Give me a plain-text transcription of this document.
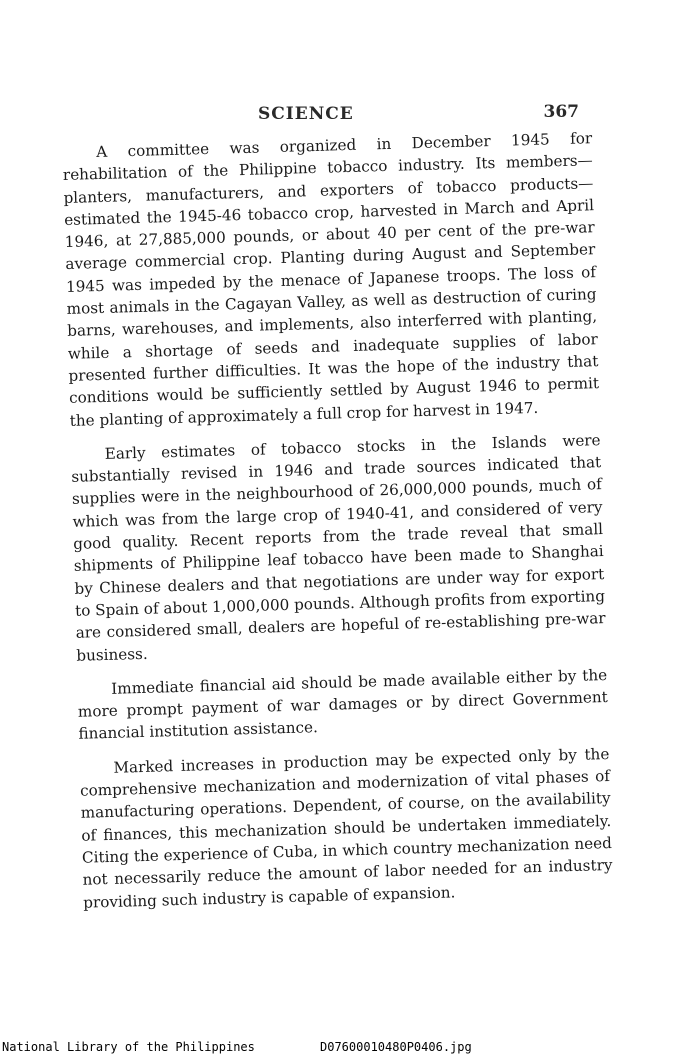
SCIENCE	367

A committee was organized in December 1945 for rehabilitation of the Philippine tobacco industry. Its members—planters, manufacturers, and exporters of tobacco products—estimated the 1945-46 tobacco crop, harvested in March and April 1946, at 27,885,000 pounds, or about 40 per cent of the pre-war average commercial crop. Planting during August and September 1945 was impeded by the menace of Japanese troops. The loss of most animals in the Cagayan Valley, as well as destruction of curing barns, warehouses, and implements, also interferred with planting, while a shortage of seeds and inadequate supplies of labor presented further difficulties. It was the hope of the industry that conditions would be sufficiently settled by August 1946 to permit the planting of approximately a full crop for harvest in 1947.

Early estimates of tobacco stocks in the Islands were substantially revised in 1946 and trade sources indicated that supplies were in the neighbourhood of 26,000,000 pounds, much of which was from the large crop of 1940-41, and considered of very good quality. Recent reports from the trade reveal that small shipments of Philippine leaf tobacco have been made to Shanghai by Chinese dealers and that negotiations are under way for export to Spain of about 1,000,000 pounds. Although profits from exporting are considered small, dealers are hopeful of re-establishing pre-war business.

Immediate financial aid should be made available either by the more prompt payment of war damages or by direct Government financial institution assistance.

Marked increases in production may be expected only by the comprehensive mechanization and modernization of vital phases of manufacturing operations. Dependent, of course, on the availability of finances, this mechanization should be undertaken immediately. Citing the experience of Cuba, in which country mechanization need not necessarily reduce the amount of labor needed for an industry providing such industry is capable of expansion.

National Library of the Philippines	D07600010480P0406.jpg
